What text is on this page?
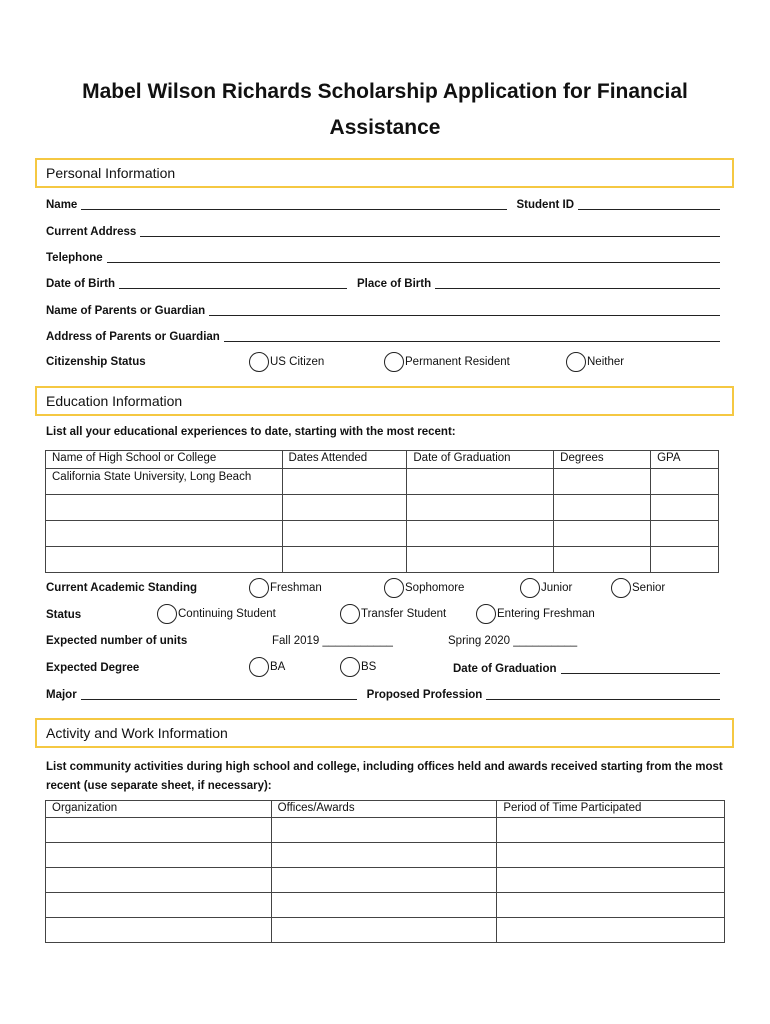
Mabel Wilson Richards Scholarship Application for Financial Assistance
Personal Information
Name	Student ID
Current Address
Telephone
Date of Birth	Place of Birth
Name of Parents or Guardian
Address of Parents or Guardian
Citizenship Status	US Citizen	Permanent Resident	Neither
Education Information
List all your educational experiences to date, starting with the most recent:
Name of High School or College	Dates Attended	Date of Graduation	Degrees	GPA
California State University, Long Beach				

Current Academic Standing	Freshman	Sophomore	Junior	Senior
Status	Continuing Student	Transfer Student	Entering Freshman
Expected number of units	Fall 2019 ___________	Spring 2020 __________
Expected Degree	BA	BS	Date of Graduation
Major	Proposed Profession
Activity and Work Information
List community activities during high school and college, including offices held and awards received starting from the most recent (use separate sheet, if necessary):
Organization	Offices/Awards	Period of Time Participated
